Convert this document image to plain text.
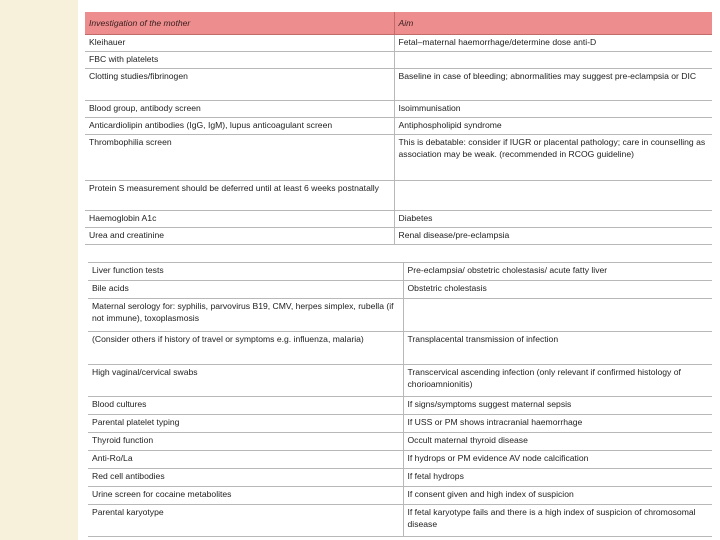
Investigation of the mother	Aim
Kleihauer	Fetal–maternal haemorrhage/determine dose anti-D
FBC with platelets	
Clotting studies/fibrinogen	Baseline in case of bleeding; abnormalities may suggest pre-eclampsia or DIC
Blood group, antibody screen	Isoimmunisation
Anticardiolipin antibodies (IgG, IgM), lupus anticoagulant screen	Antiphospholipid syndrome
Thrombophilia screen	This is debatable: consider if IUGR or placental pathology; care in counselling as association may be weak. (recommended in RCOG guideline)
Protein S measurement should be deferred until at least 6 weeks postnatally	
Haemoglobin A1c	Diabetes
Urea and creatinine	Renal disease/pre-eclampsia
Liver function tests	Pre-eclampsia/ obstetric cholestasis/ acute fatty liver
Bile acids	Obstetric cholestasis
Maternal serology for: syphilis, parvovirus B19, CMV, herpes simplex, rubella (if not immune), toxoplasmosis	
(Consider others if history of travel or symptoms e.g. influenza, malaria)	Transplacental transmission of infection
High vaginal/cervical swabs	Transcervical ascending infection (only relevant if confirmed histology of chorioamnionitis)
Blood cultures	If signs/symptoms suggest maternal sepsis
Parental platelet typing	If USS or PM shows intracranial haemorrhage
Thyroid function	Occult maternal thyroid disease
Anti-Ro/La	If hydrops or PM evidence AV node calcification
Red cell antibodies	If fetal hydrops
Urine screen for cocaine metabolites	If consent given and high index of suspicion
Parental karyotype	If fetal karyotype fails and there is a high index of suspicion of chromosomal disease
